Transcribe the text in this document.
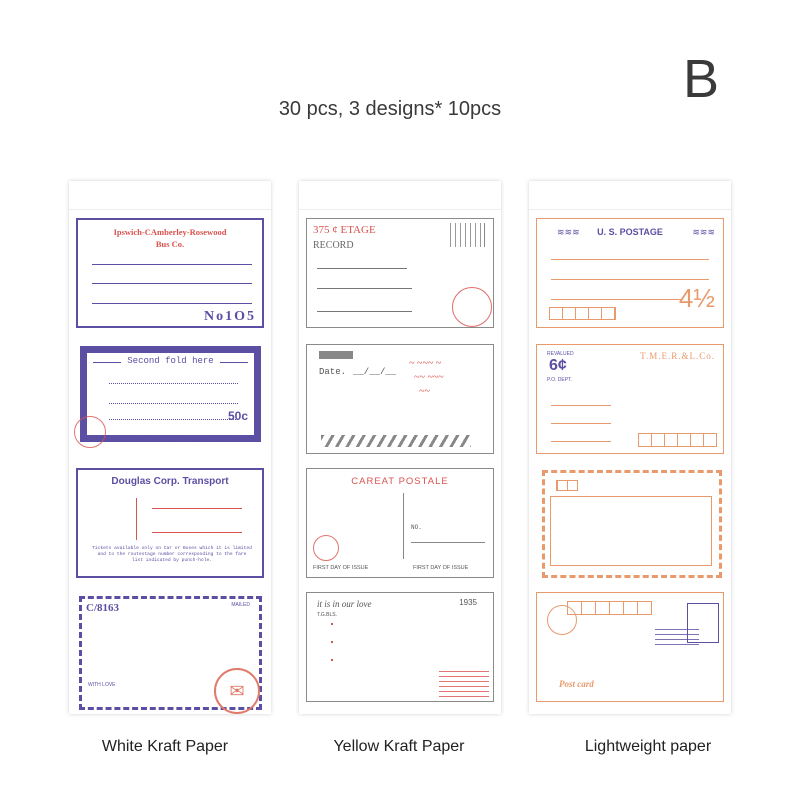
B
30 pcs, 3 designs* 10pcs
Ipswich-CAmberley-Rosewood
Bus Co.
No1O5
Second fold here
50c
Douglas Corp. Transport
Tickets available only on Car or Buses which it is limited and to the routestage number corresponding to the fare list indicated by punch-hole.
C/8163	MAILED
WITH LOVE	✉
White Kraft Paper
375 ¢ ETAGE
RECORD
Date. __/__/__
~ ~~~ ~
~~ ~~~
~~
CAREAT POSTALE
NO.
FIRST DAY OF ISSUE	FIRST DAY OF ISSUE
it is in our love
T.G.BLS.
1935
Yellow Kraft Paper
≋≋≋	U. S. POSTAGE	≋≋≋
4½
REVALUED
6¢
P.O. DEPT.
T.M.E.R.&L.Co.
Post card
Lightweight paper
